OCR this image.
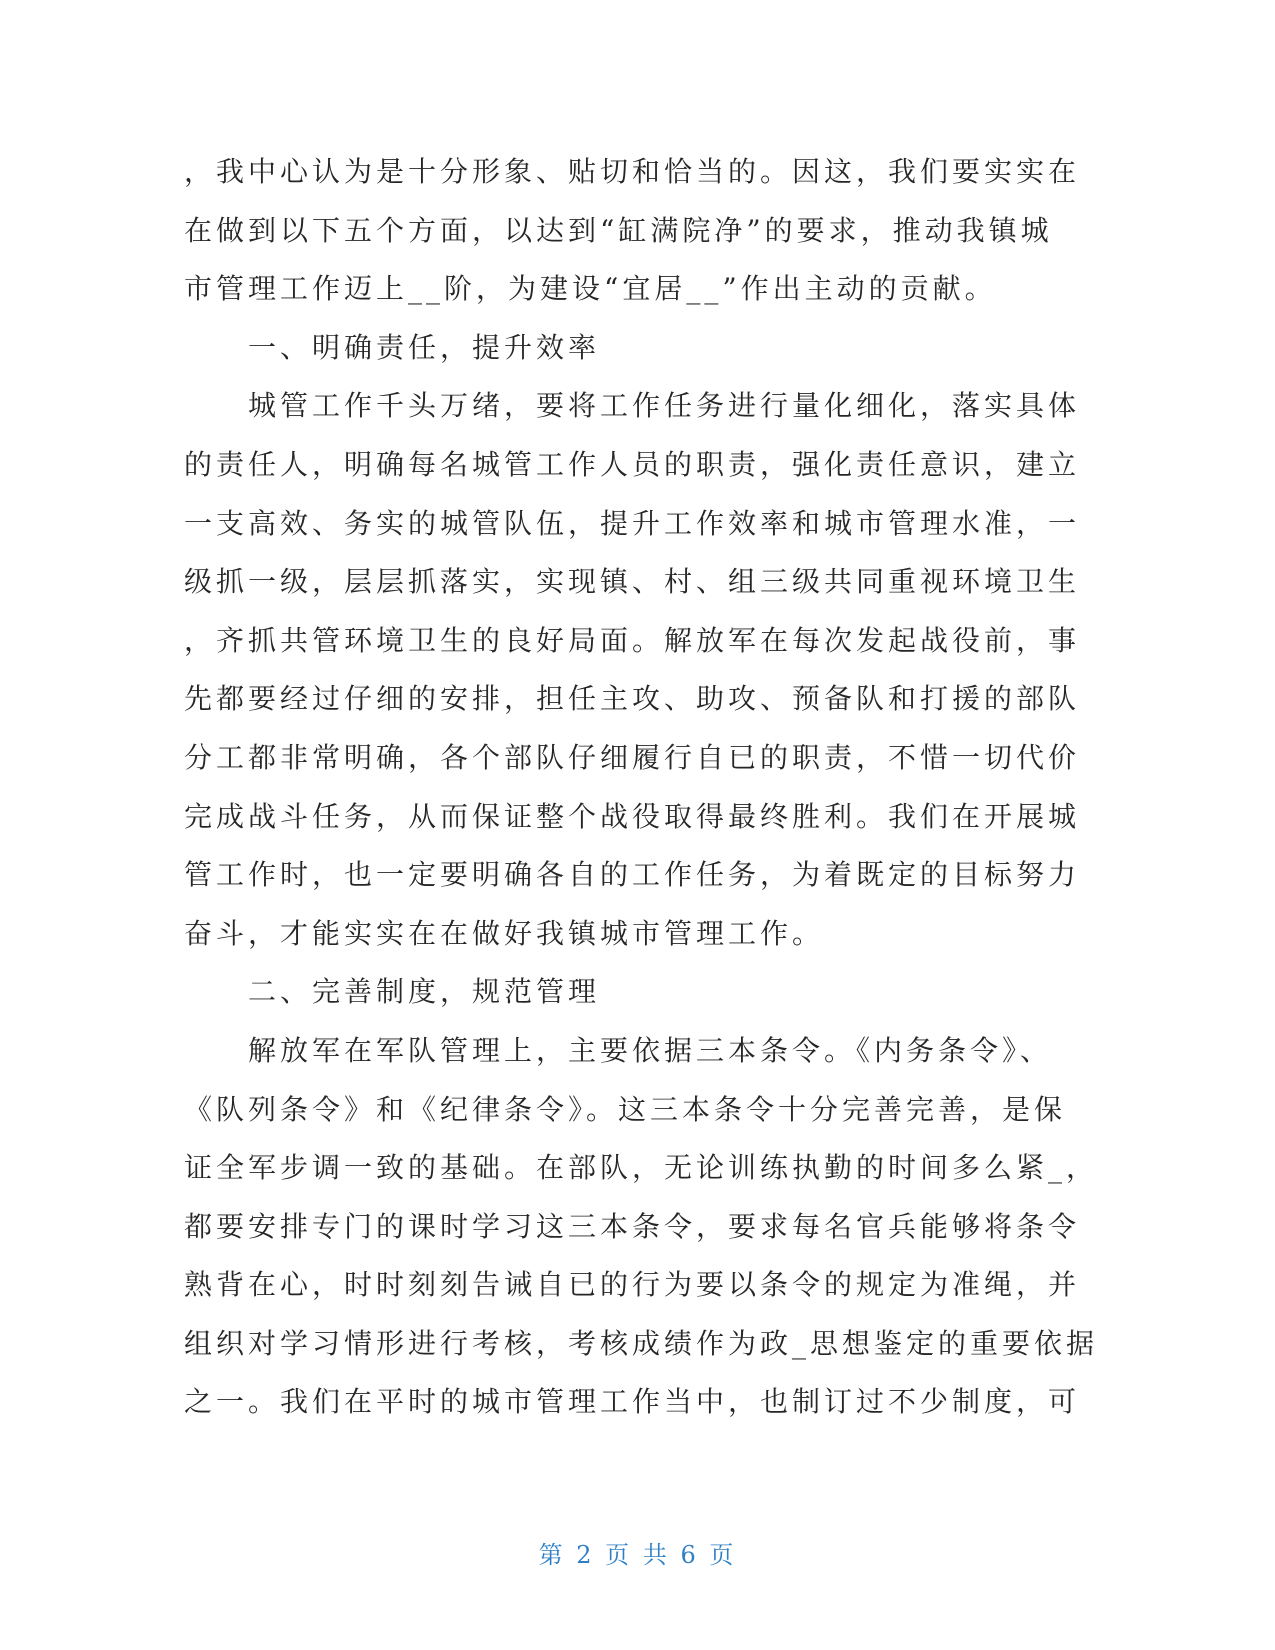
，我中心认为是十分形象、贴切和恰当的。因这，我们要实实在
在做到以下五个方面，以达到“缸满院净”的要求，推动我镇城
市管理工作迈上__阶，为建设“宜居__”作出主动的贡献。
　　一、明确责任，提升效率
　　城管工作千头万绪，要将工作任务进行量化细化，落实具体
的责任人，明确每名城管工作人员的职责，强化责任意识，建立
一支高效、务实的城管队伍，提升工作效率和城市管理水准，一
级抓一级，层层抓落实，实现镇、村、组三级共同重视环境卫生
，齐抓共管环境卫生的良好局面。解放军在每次发起战役前，事
先都要经过仔细的安排，担任主攻、助攻、预备队和打援的部队
分工都非常明确，各个部队仔细履行自已的职责，不惜一切代价
完成战斗任务，从而保证整个战役取得最终胜利。我们在开展城
管工作时，也一定要明确各自的工作任务，为着既定的目标努力
奋斗，才能实实在在做好我镇城市管理工作。
　　二、完善制度，规范管理
　　解放军在军队管理上，主要依据三本条令。《内务条令》、
《队列条令》和《纪律条令》。这三本条令十分完善完善，是保
证全军步调一致的基础。在部队，无论训练执勤的时间多么紧_，
都要安排专门的课时学习这三本条令，要求每名官兵能够将条令
熟背在心，时时刻刻告诫自已的行为要以条令的规定为准绳，并
组织对学习情形进行考核，考核成绩作为政_思想鉴定的重要依据
之一。我们在平时的城市管理工作当中，也制订过不少制度，可
第 2 页 共 6 页
